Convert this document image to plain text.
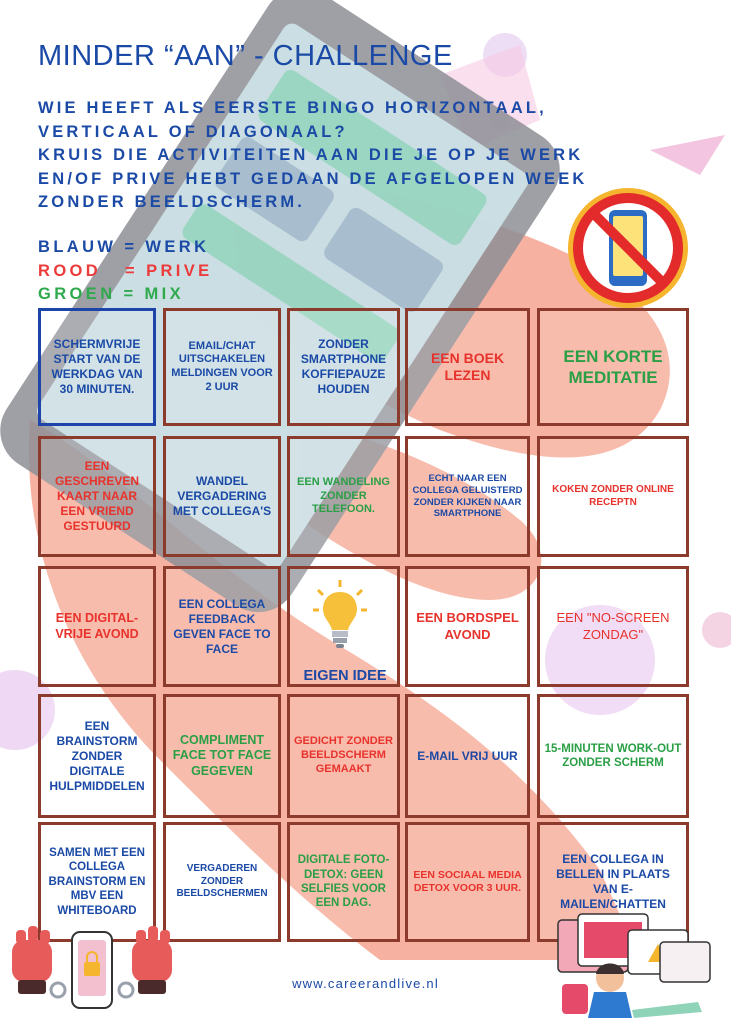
MINDER “AAN” - CHALLENGE
WIE HEEFT ALS EERSTE BINGO HORIZONTAAL,
VERTICAAL OF DIAGONAAL?
KRUIS DIE ACTIVITEITEN AAN DIE JE OP JE WERK
EN/OF PRIVE HEBT GEDAAN DE AFGELOPEN WEEK
ZONDER BEELDSCHERM.
BLAUW = WERK
ROOD   = PRIVE
GROEN = MIX
SCHERMVRIJE START VAN DE WERKDAG VAN 30 MINUTEN.
EMAIL/CHAT UITSCHAKELEN MELDINGEN VOOR 2 UUR
ZONDER SMARTPHONE KOFFIEPAUZE HOUDEN
EEN BOEK LEZEN
EEN KORTE MEDITATIE
EEN GESCHREVEN KAART NAAR EEN VRIEND GESTUURD
WANDEL VERGADERING MET COLLEGA'S
EEN WANDELING ZONDER TELEFOON.
ECHT NAAR EEN COLLEGA GELUISTERD ZONDER KIJKEN NAAR SMARTPHONE
KOKEN ZONDER ONLINE RECEPTN
EEN DIGITAL-VRIJE AVOND
EEN COLLEGA FEEDBACK GEVEN FACE TO FACE
EEN BORDSPEL AVOND
EEN "NO-SCREEN ZONDAG"
EIGEN IDEE
EEN BRAINSTORM ZONDER DIGITALE HULPMIDDELEN
COMPLIMENT FACE TOT FACE GEGEVEN
GEDICHT ZONDER BEELDSCHERM GEMAAKT
E-MAIL VRIJ UUR 15-MINUTEN WORK-OUT ZONDER SCHERM
SAMEN MET EEN COLLEGA BRAINSTORM EN MBV EEN WHITEBOARD
VERGADEREN ZONDER BEELDSCHERMEN
DIGITALE FOTO-DETOX: GEEN SELFIES VOOR EEN DAG.
EEN SOCIAAL MEDIA DETOX VOOR 3 UUR.
EEN COLLEGA IN BELLEN IN PLAATS VAN E-MAILEN/CHATTEN
www.careerandlive.nl
